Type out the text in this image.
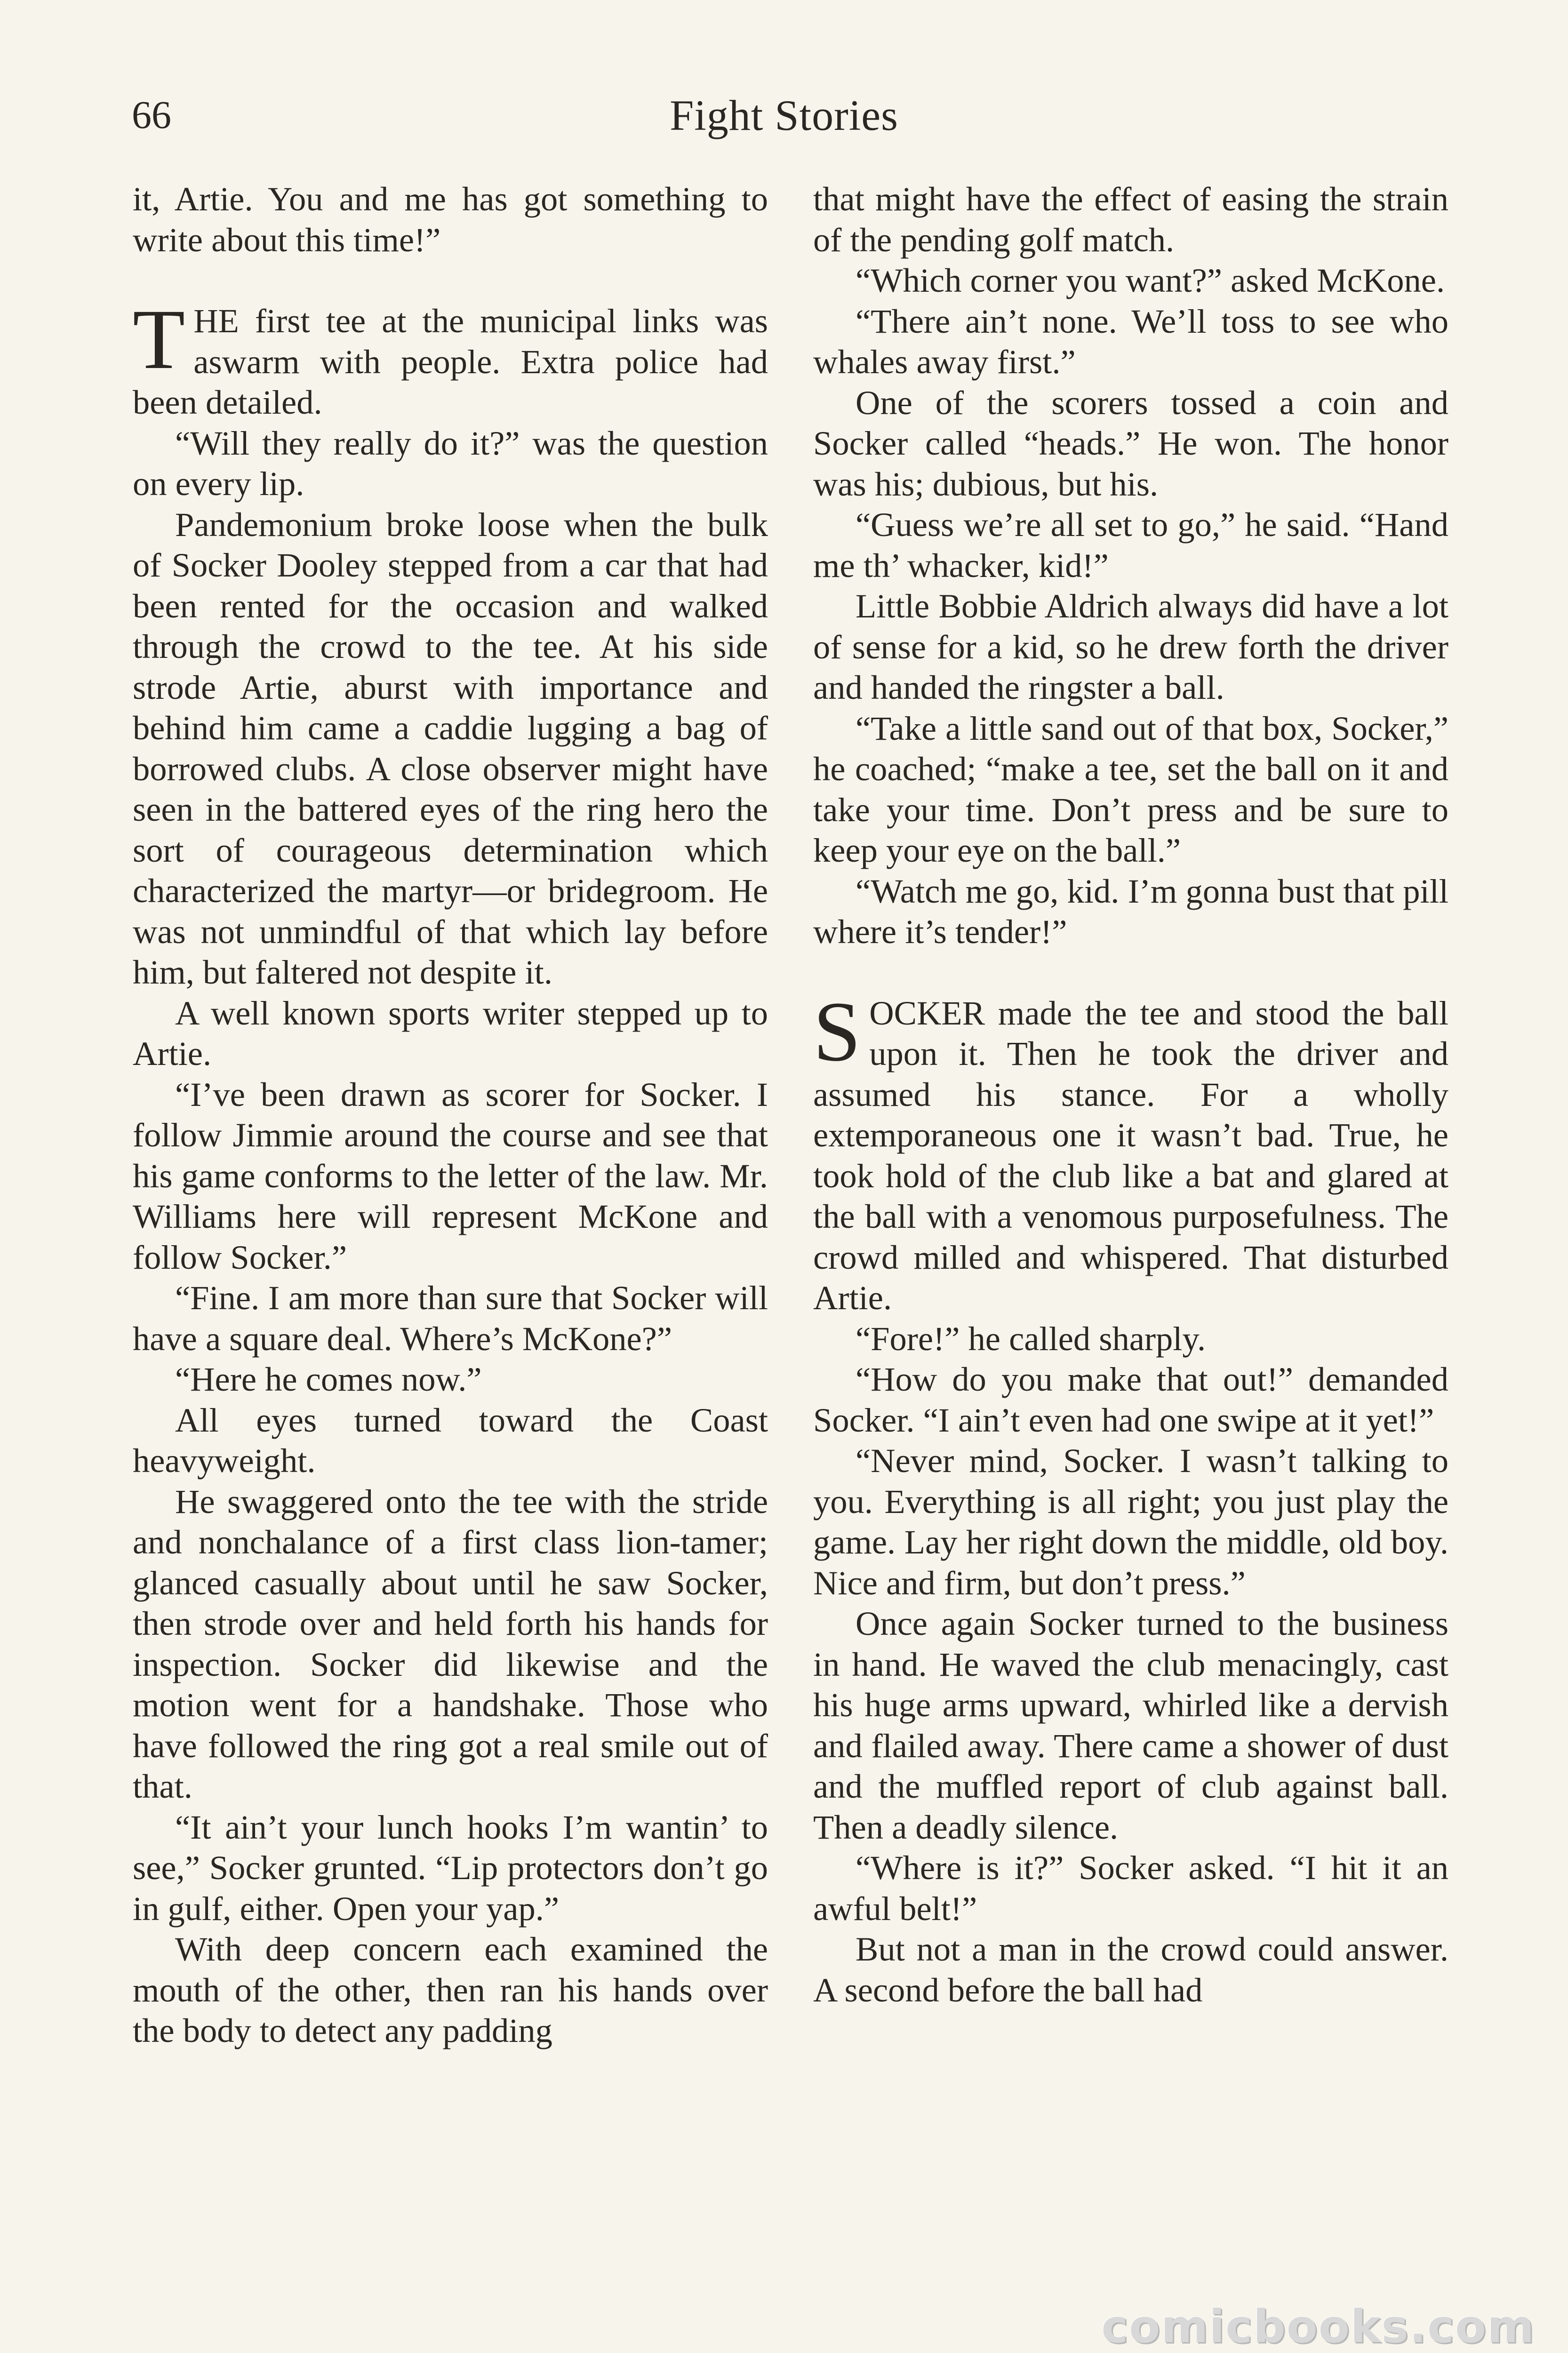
66	Fight Stories

it, Artie. You and me has got something to write about this time!”

THE first tee at the municipal links was aswarm with people. Extra police had been detailed.

“Will they really do it?” was the question on every lip.

Pandemonium broke loose when the bulk of Socker Dooley stepped from a car that had been rented for the occasion and walked through the crowd to the tee. At his side strode Artie, aburst with importance and behind him came a caddie lugging a bag of borrowed clubs. A close observer might have seen in the battered eyes of the ring hero the sort of courageous determination which characterized the martyr—or bridegroom. He was not unmindful of that which lay before him, but faltered not despite it.

A well known sports writer stepped up to Artie.

“I’ve been drawn as scorer for Socker. I follow Jimmie around the course and see that his game conforms to the letter of the law. Mr. Williams here will represent McKone and follow Socker.”

“Fine. I am more than sure that Socker will have a square deal. Where’s McKone?”

“Here he comes now.”

All eyes turned toward the Coast heavyweight.

He swaggered onto the tee with the stride and nonchalance of a first class lion-tamer; glanced casually about until he saw Socker, then strode over and held forth his hands for inspection. Socker did likewise and the motion went for a handshake. Those who have followed the ring got a real smile out of that.

“It ain’t your lunch hooks I’m wantin’ to see,” Socker grunted. “Lip protectors don’t go in gulf, either. Open your yap.”

With deep concern each examined the mouth of the other, then ran his hands over the body to detect any padding

that might have the effect of easing the strain of the pending golf match.

“Which corner you want?” asked McKone.

“There ain’t none. We’ll toss to see who whales away first.”

One of the scorers tossed a coin and Socker called “heads.” He won. The honor was his; dubious, but his.

“Guess we’re all set to go,” he said. “Hand me th’ whacker, kid!”

Little Bobbie Aldrich always did have a lot of sense for a kid, so he drew forth the driver and handed the ringster a ball.

“Take a little sand out of that box, Socker,” he coached; “make a tee, set the ball on it and take your time. Don’t press and be sure to keep your eye on the ball.”

“Watch me go, kid. I’m gonna bust that pill where it’s tender!”

SOCKER made the tee and stood the ball upon it. Then he took the driver and assumed his stance. For a wholly extemporaneous one it wasn’t bad. True, he took hold of the club like a bat and glared at the ball with a venomous purposefulness. The crowd milled and whispered. That disturbed Artie.

“Fore!” he called sharply.

“How do you make that out!” demanded Socker. “I ain’t even had one swipe at it yet!”

“Never mind, Socker. I wasn’t talking to you. Everything is all right; you just play the game. Lay her right down the middle, old boy. Nice and firm, but don’t press.”

Once again Socker turned to the business in hand. He waved the club menacingly, cast his huge arms upward, whirled like a dervish and flailed away. There came a shower of dust and the muffled report of club against ball. Then a deadly silence.

“Where is it?” Socker asked. “I hit it an awful belt!”

But not a man in the crowd could answer. A second before the ball had

comicbooks.com
